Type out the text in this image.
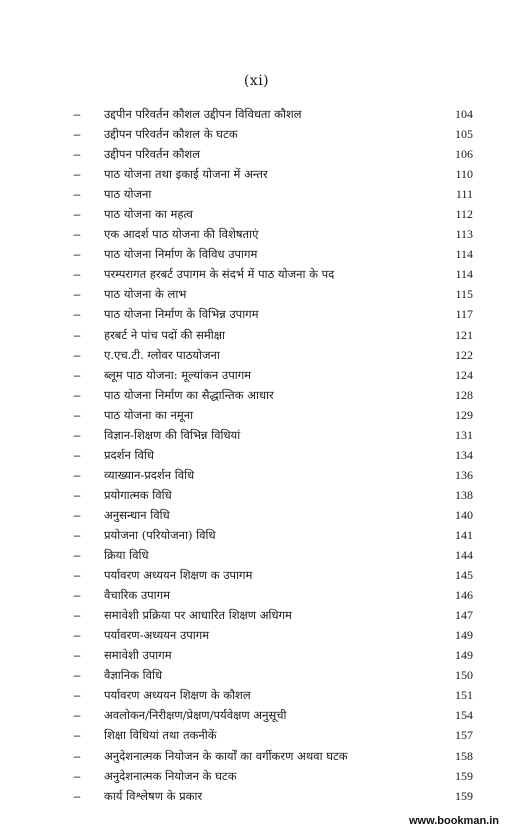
(xi)
– उद्दपीन परिवर्तन कौशल उद्दीपन विविधता कौशल	104
– उद्दीपन परिवर्तन कौशल के घटक	105
– उद्दीपन परिवर्तन कौशल	106
– पाठ योजना तथा इकाई योजना में अन्तर	110
– पाठ योजना	111
– पाठ योजना का महत्व	112
– एक आदर्श पाठ योजना की विशेषताएं	113
– पाठ योजना निर्माण के विविध उपागम	114
– परम्परागत हरबर्ट उपागम के संदर्भ में पाठ योजना के पद	114
– पाठ योजना के लाभ	115
– पाठ योजना निर्माण के विभिन्न उपागम	117
– हरबर्ट ने पांच पदों की समीक्षा	121
– ए.एच.टी. ग्लोवर पाठयोजना	122
– ब्लूम पाठ योजना: मूल्यांकन उपागम	124
– पाठ योजना निर्माण का सैद्धान्तिक आधार	128
– पाठ योजना का नमूना	129
– विज्ञान-शिक्षण की विभिन्न विधियां	131
– प्रदर्शन विधि	134
– व्याख्यान-प्रदर्शन विधि	136
– प्रयोगात्मक विधि	138
– अनुसन्धान विधि	140
– प्रयोजना (परियोजना) विधि	141
– क्रिया विधि	144
– पर्यावरण अध्ययन शिक्षण क उपागम	145
– वैचारिक उपागम	146
– समावेशी प्रक्रिया पर आधारित शिक्षण अधिगम	147
– पर्यावरण-अध्ययन उपागम	149
– समावेशी उपागम	149
– वैज्ञानिक विधि	150
– पर्यावरण अध्ययन शिक्षण के कौशल	151
– अवलोकन/निरीक्षण/प्रेक्षण/पर्यवेक्षण अनुसूची	154
– शिक्षा विधियां तथा तकनीकें	157
– अनुदेशनात्मक नियोजन के कार्यों का वर्गीकरण अथवा घटक	158
– अनुदेशनात्मक नियोजन के घटक	159
– कार्य विश्लेषण के प्रकार	159
www.bookman.in
